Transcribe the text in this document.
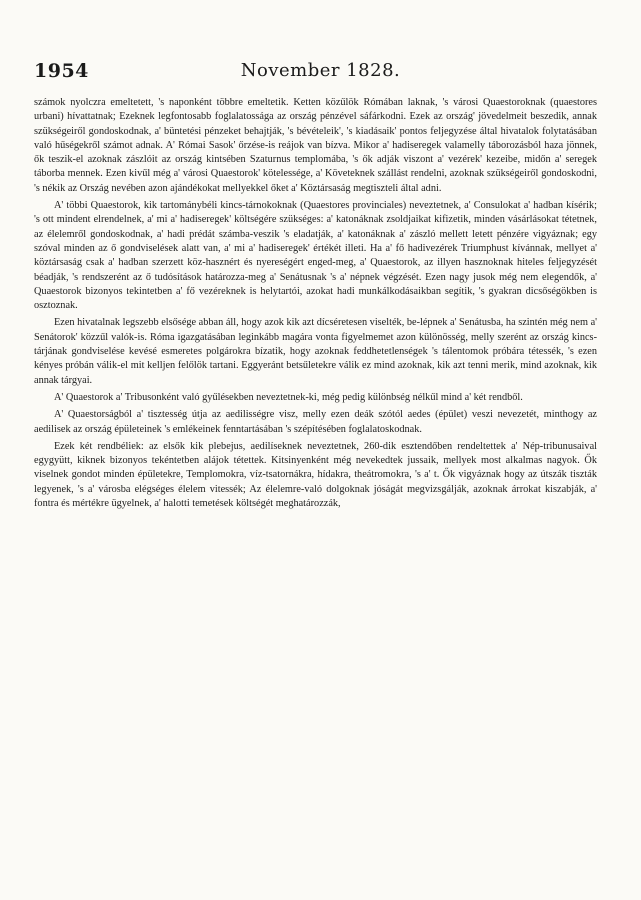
1954	November 1828.

számok nyolczra emeltetett, 's naponként többre emeltetik. Ketten közűlök Rómában laknak, 's városi Quaestoroknak (quaestores urbani) hívattatnak; Ezeknek legfontosabb foglalatossága az ország pénzével sáfárkodni. Ezek az ország' jövedelmeit beszedik, annak szükségeiről gondoskodnak, a' büntetési pénzeket behajtják, 's bévételeik', 's kiadásaik' pontos feljegyzése által hivatalok folytatásában való hűségekről számot adnak. A' Római Sasok' őrzése-is reájok van bízva. Mikor a' hadiseregek valamelly táborozásból haza jönnek, ők teszik-el azoknak zászlóit az ország kintsében Szaturnus templomába, 's ők adják viszont a' vezérek' kezeibe, midőn a' seregek táborba mennek. Ezen kivűl még a' városi Quaestorok' kötelessége, a' Követeknek szállást rendelni, azoknak szükségeiről gondoskodni, 's nékik az Ország nevében azon ajándékokat mellyekkel őket a' Köztársaság megtiszteli által adni.

A' többi Quaestorok, kik tartománybéli kincs-tárnokoknak (Quaestores provinciales) neveztetnek, a' Consulokat a' hadban kísérik; 's ott mindent elrendelnek, a' mi a' hadiseregek' költségére szükséges: a' katonáknak zsoldjaikat kifizetik, minden vásárlásokat tétetnek, az élelemről gondoskodnak, a' hadi prédát számba-veszik 's eladatják, a' katonáknak a' zászló mellett letett pénzére vigyáznak; egy szóval minden az ő gondviselések alatt van, a' mi a' hadiseregek' értékét illeti. Ha a' fő hadivezérek Triumphust kívánnak, mellyet a' köztársaság csak a' hadban szerzett köz-hasznért és nyereségért enged-meg, a' Quaestorok, az illyen hasznoknak hiteles feljegyzését béadják, 's rendszerént az ő tudósítások határozza-meg a' Senátusnak 's a' népnek végzését. Ezen nagy jusok még nem elegendők, a' Quaestorok bizonyos tekintetben a' fő vezéreknek is helytartói, azokat hadi munkálkodásaikban segítik, 's gyakran dicsőségökben is osztoznak.

Ezen hivatalnak legszebb elsősége abban áll, hogy azok kik azt dícséretesen viselték, be-lépnek a' Senátusba, ha szintén még nem a' Senátorok' közzűl valók-is. Róma igazgatásában leginkább magára vonta figyelmemet azon különösség, melly szerént az ország kincs-tárjának gondviselése kevésé esmeretes polgárokra bízatik, hogy azoknak feddhetetlenségek 's tálentomok próbára tétessék, 's ezen kényes próbán válik-el mit kelljen felőlök tartani. Eggyeránt betsűletekre válik ez mind azoknak, kik azt tenni merik, mind azoknak, kik annak tárgyai.

A' Quaestorok a' Tribusonként való gyűlésekben neveztetnek-ki, még pedig különbség nélkűl mind a' két rendből.

A' Quaestorságból a' tisztesség útja az aedilisségre visz, melly ezen deák szótól aedes (épület) veszi nevezetét, minthogy az aedilisek az ország épületeinek 's emlékeinek fenntartásában 's szépítésében foglalatoskodnak.

Ezek két rendbéliek: az elsők kik plebejus, aedilíseknek neveztetnek, 260-dik esztendőben rendeltettek a' Nép-tribunusaival egygyütt, kiknek bizonyos tekéntetben alájok tétettek. Kitsinyenként még nevekedtek jussaik, mellyek most alkalmas nagyok. Ők viselnek gondot minden épületekre, Templomokra, víz-tsatornákra, hídakra, theátromokra, 's a' t. Ők vigyáznak hogy az útszák tiszták legyenek, 's a' városba elégséges élelem vitessék; Az élelemre-való dolgoknak jóságát megvizsgálják, azoknak árrokat kiszabják, a' fontra és mértékre ügyelnek, a' halotti temetések költségét meghatározzák,
